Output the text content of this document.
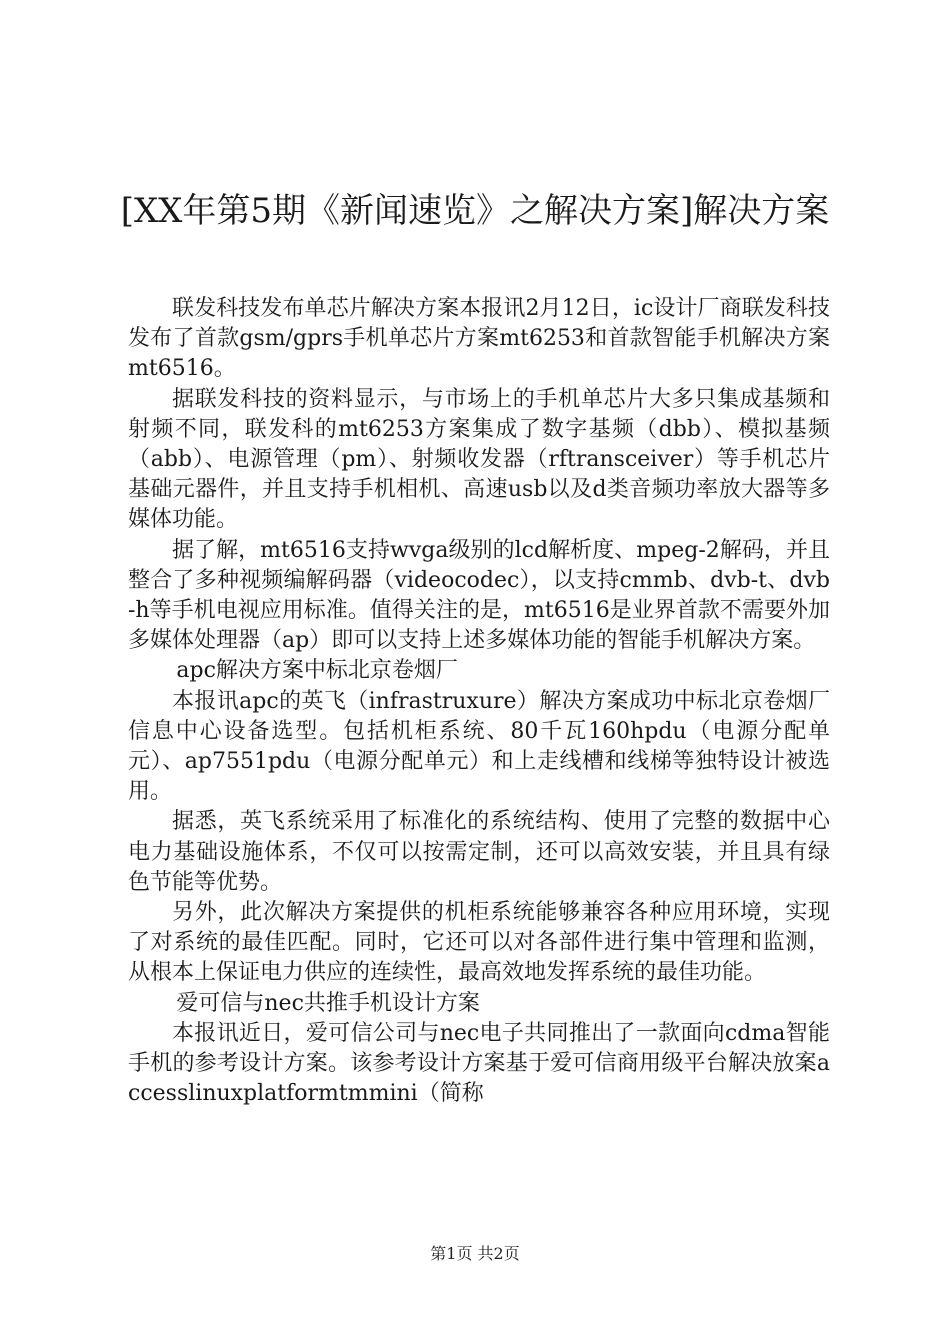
[XX年第5期《新闻速览》之解决方案]解决方案

联发科技发布单芯片解决方案本报讯2月12日，ic设计厂商联发科技发布了首款gsm/gprs手机单芯片方案mt6253和首款智能手机解决方案mt6516。

据联发科技的资料显示，与市场上的手机单芯片大多只集成基频和射频不同，联发科的mt6253方案集成了数字基频（dbb）、模拟基频（abb）、电源管理（pm）、射频收发器（rftransceiver）等手机芯片基础元器件，并且支持手机相机、高速usb以及d类音频功率放大器等多媒体功能。

据了解，mt6516支持wvga级别的lcd解析度、mpeg-2解码，并且整合了多种视频编解码器（videocodec），以支持cmmb、dvb-t、dvb-h等手机电视应用标准。值得关注的是，mt6516是业界首款不需要外加多媒体处理器（ap）即可以支持上述多媒体功能的智能手机解决方案。

apc解决方案中标北京卷烟厂

本报讯apc的英飞（infrastruxure）解决方案成功中标北京卷烟厂信息中心设备选型。包括机柜系统、80千瓦160hpdu（电源分配单元）、ap7551pdu（电源分配单元）和上走线槽和线梯等独特设计被选用。

据悉，英飞系统采用了标准化的系统结构、使用了完整的数据中心电力基础设施体系，不仅可以按需定制，还可以高效安装，并且具有绿色节能等优势。

另外，此次解决方案提供的机柜系统能够兼容各种应用环境，实现了对系统的最佳匹配。同时，它还可以对各部件进行集中管理和监测，从根本上保证电力供应的连续性，最高效地发挥系统的最佳功能。

爱可信与nec共推手机设计方案

本报讯近日，爱可信公司与nec电子共同推出了一款面向cdma智能手机的参考设计方案。该参考设计方案基于爱可信商用级平台解决放案accesslinuxplatformtmmini（简称

第1页 共2页
